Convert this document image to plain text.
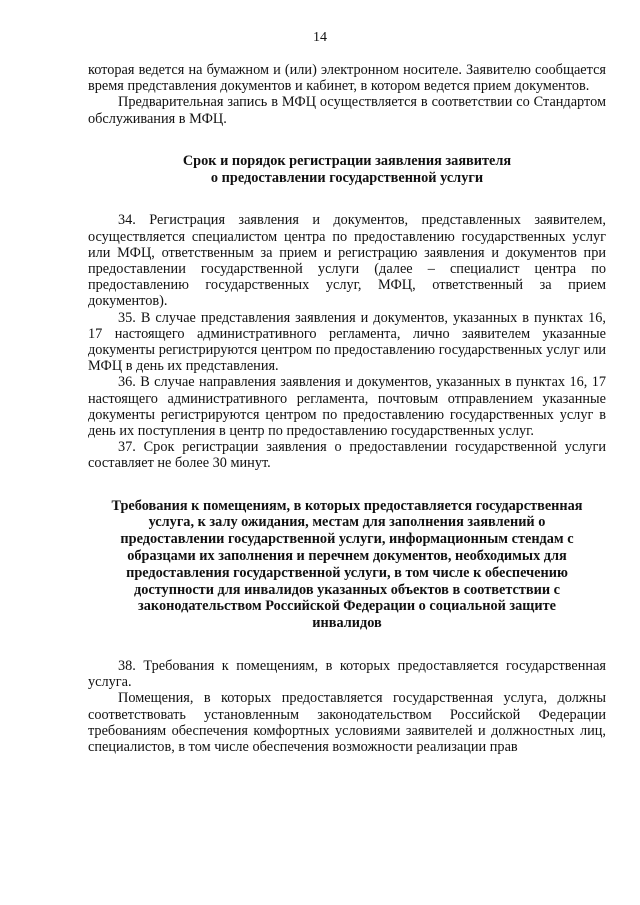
14

которая ведется на бумажном и (или) электронном носителе. Заявителю сообщается время представления документов и кабинет, в котором ведется прием документов.

Предварительная запись в МФЦ осуществляется в соответствии со Стандартом обслуживания в МФЦ.

Срок и порядок регистрации заявления заявителя
о предоставлении государственной услуги

34. Регистрация заявления и документов, представленных заявителем, осуществляется специалистом центра по предоставлению государственных услуг или МФЦ, ответственным за прием и регистрацию заявления и документов при предоставлении государственной услуги (далее – специалист центра по предоставлению государственных услуг, МФЦ, ответственный за прием документов).

35. В случае представления заявления и документов, указанных в пунктах 16, 17 настоящего административного регламента, лично заявителем указанные документы регистрируются центром по предоставлению государственных услуг или МФЦ в день их представления.

36. В случае направления заявления и документов, указанных в пунктах 16, 17 настоящего административного регламента, почтовым отправлением указанные документы регистрируются центром по предоставлению государственных услуг в день их поступления в центр по предоставлению государственных услуг.

37. Срок регистрации заявления о предоставлении государственной услуги составляет не более 30 минут.

Требования к помещениям, в которых предоставляется государственная
услуга, к залу ожидания, местам для заполнения заявлений о
предоставлении государственной услуги, информационным стендам с
образцами их заполнения и перечнем документов, необходимых для
предоставления государственной услуги, в том числе к обеспечению
доступности для инвалидов указанных объектов в соответствии с
законодательством Российской Федерации о социальной защите
инвалидов

38. Требования к помещениям, в которых предоставляется государственная услуга.

Помещения, в которых предоставляется государственная услуга, должны соответствовать установленным законодательством Российской Федерации требованиям обеспечения комфортных условиями заявителей и должностных лиц, специалистов, в том числе обеспечения возможности реализации прав
